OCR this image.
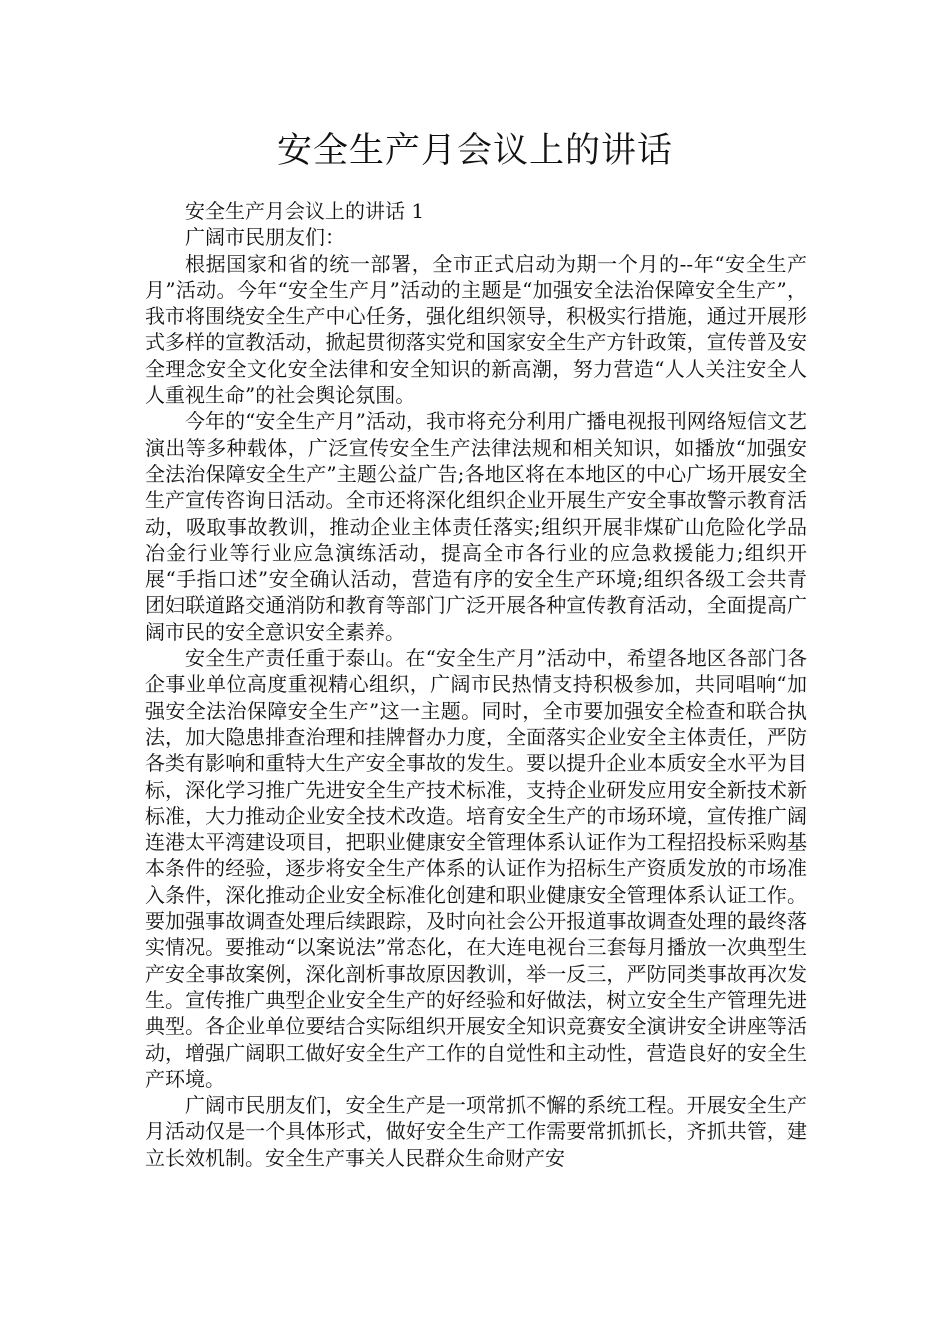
安全生产月会议上的讲话

安全生产月会议上的讲话 1

广阔市民朋友们：

根据国家和省的统一部署，全市正式启动为期一个月的--年“安全生产月”活动。今年“安全生产月”活动的主题是“加强安全法治保障安全生产”，我市将围绕安全生产中心任务，强化组织领导，积极实行措施，通过开展形式多样的宣教活动，掀起贯彻落实党和国家安全生产方针政策，宣传普及安全理念安全文化安全法律和安全知识的新高潮，努力营造“人人关注安全人人重视生命”的社会舆论氛围。

今年的“安全生产月”活动，我市将充分利用广播电视报刊网络短信文艺演出等多种载体，广泛宣传安全生产法律法规和相关知识，如播放“加强安全法治保障安全生产”主题公益广告;各地区将在本地区的中心广场开展安全生产宣传咨询日活动。全市还将深化组织企业开展生产安全事故警示教育活动，吸取事故教训，推动企业主体责任落实;组织开展非煤矿山危险化学品冶金行业等行业应急演练活动，提高全市各行业的应急救援能力;组织开展“手指口述”安全确认活动，营造有序的安全生产环境;组织各级工会共青团妇联道路交通消防和教育等部门广泛开展各种宣传教育活动，全面提高广阔市民的安全意识安全素养。

安全生产责任重于泰山。在“安全生产月”活动中，希望各地区各部门各企事业单位高度重视精心组织，广阔市民热情支持积极参加，共同唱响“加强安全法治保障安全生产”这一主题。同时，全市要加强安全检查和联合执法，加大隐患排查治理和挂牌督办力度，全面落实企业安全主体责任，严防各类有影响和重特大生产安全事故的发生。要以提升企业本质安全水平为目标，深化学习推广先进安全生产技术标准，支持企业研发应用安全新技术新标准，大力推动企业安全技术改造。培育安全生产的市场环境，宣传推广阔连港太平湾建设项目，把职业健康安全管理体系认证作为工程招投标采购基本条件的经验，逐步将安全生产体系的认证作为招标生产资质发放的市场准入条件，深化推动企业安全标准化创建和职业健康安全管理体系认证工作。要加强事故调查处理后续跟踪，及时向社会公开报道事故调查处理的最终落实情况。要推动“以案说法”常态化，在大连电视台三套每月播放一次典型生产安全事故案例，深化剖析事故原因教训，举一反三，严防同类事故再次发生。宣传推广典型企业安全生产的好经验和好做法，树立安全生产管理先进典型。各企业单位要结合实际组织开展安全知识竞赛安全演讲安全讲座等活动，增强广阔职工做好安全生产工作的自觉性和主动性，营造良好的安全生产环境。

广阔市民朋友们，安全生产是一项常抓不懈的系统工程。开展安全生产月活动仅是一个具体形式，做好安全生产工作需要常抓抓长，齐抓共管，建立长效机制。安全生产事关人民群众生命财产安
